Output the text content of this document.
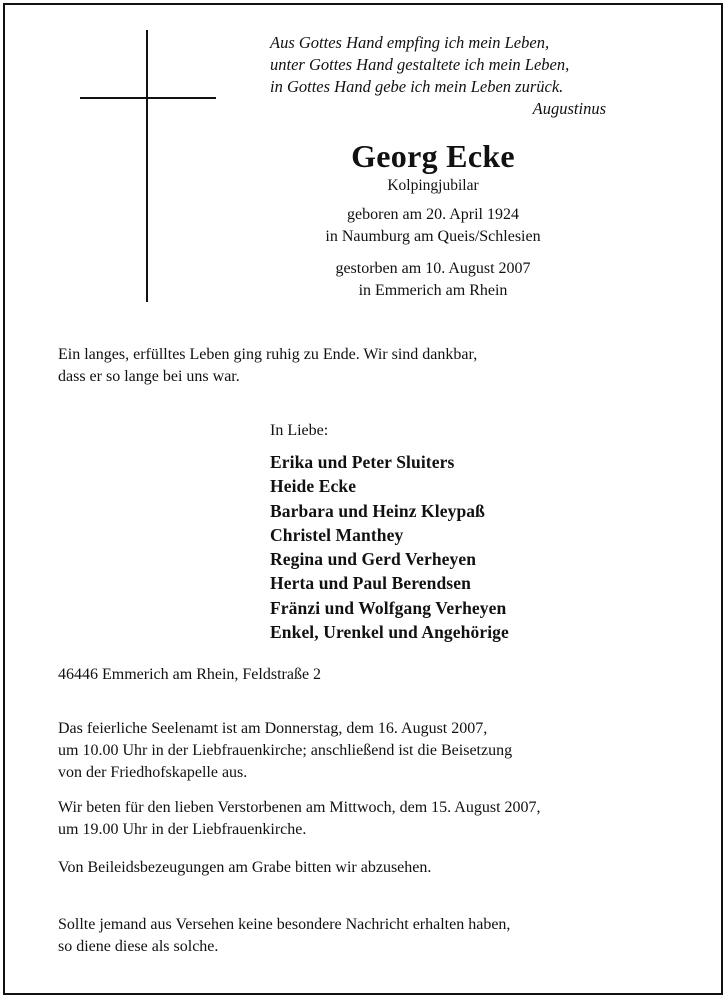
Aus Gottes Hand empfing ich mein Leben,
unter Gottes Hand gestaltete ich mein Leben,
in Gottes Hand gebe ich mein Leben zurück.
Augustinus
Georg Ecke
Kolpingjubilar
geboren am 20. April 1924
in Naumburg am Queis/Schlesien
gestorben am 10. August 2007
in Emmerich am Rhein
Ein langes, erfülltes Leben ging ruhig zu Ende. Wir sind dankbar,
dass er so lange bei uns war.
In Liebe:
Erika und Peter Sluiters
Heide Ecke
Barbara und Heinz Kleypaß
Christel Manthey
Regina und Gerd Verheyen
Herta und Paul Berendsen
Fränzi und Wolfgang Verheyen
Enkel, Urenkel und Angehörige
46446 Emmerich am Rhein, Feldstraße 2
Das feierliche Seelenamt ist am Donnerstag, dem 16. August 2007,
um 10.00 Uhr in der Liebfrauenkirche; anschließend ist die Beisetzung
von der Friedhofskapelle aus.
Wir beten für den lieben Verstorbenen am Mittwoch, dem 15. August 2007,
um 19.00 Uhr in der Liebfrauenkirche.
Von Beileidsbezeugungen am Grabe bitten wir abzusehen.
Sollte jemand aus Versehen keine besondere Nachricht erhalten haben,
so diene diese als solche.
